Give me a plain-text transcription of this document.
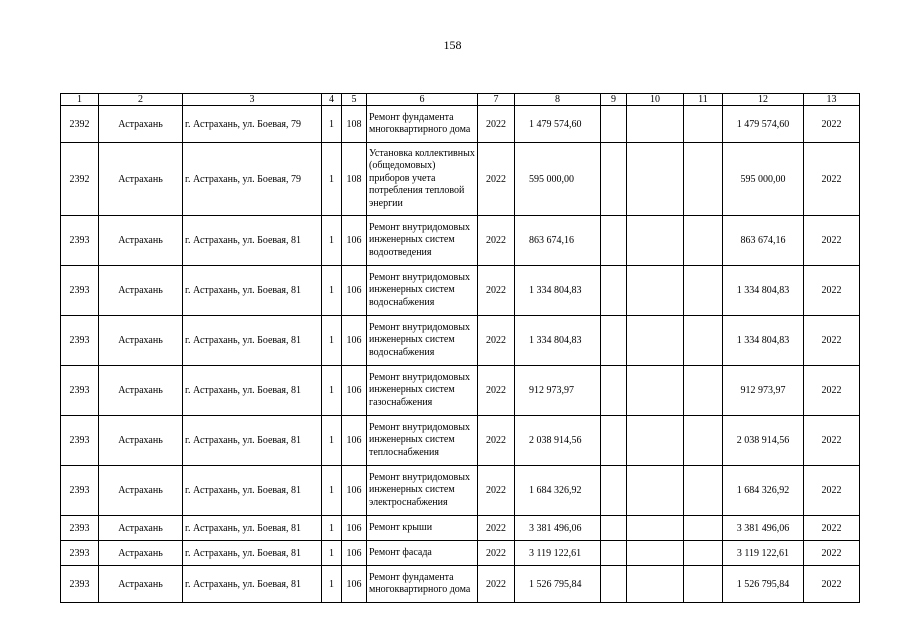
158
1	2	3	4	5	6	7	8	9	10	11	12	13
2392	Астрахань	г. Астрахань, ул. Боевая, 79	1	108	Ремонт фундамента многоквартирного дома	2022	1 479 574,60				1 479 574,60	2022
2392	Астрахань	г. Астрахань, ул. Боевая, 79	1	108	Установка коллективных (общедомовых) приборов учета потребления тепловой энергии	2022	595 000,00				595 000,00	2022
2393	Астрахань	г. Астрахань, ул. Боевая, 81	1	106	Ремонт внутридомовых инженерных систем водоотведения	2022	863 674,16				863 674,16	2022
2393	Астрахань	г. Астрахань, ул. Боевая, 81	1	106	Ремонт внутридомовых инженерных систем водоснабжения	2022	1 334 804,83				1 334 804,83	2022
2393	Астрахань	г. Астрахань, ул. Боевая, 81	1	106	Ремонт внутридомовых инженерных систем водоснабжения	2022	1 334 804,83				1 334 804,83	2022
2393	Астрахань	г. Астрахань, ул. Боевая, 81	1	106	Ремонт внутридомовых инженерных систем газоснабжения	2022	912 973,97				912 973,97	2022
2393	Астрахань	г. Астрахань, ул. Боевая, 81	1	106	Ремонт внутридомовых инженерных систем теплоснабжения	2022	2 038 914,56				2 038 914,56	2022
2393	Астрахань	г. Астрахань, ул. Боевая, 81	1	106	Ремонт внутридомовых инженерных систем электроснабжения	2022	1 684 326,92				1 684 326,92	2022
2393	Астрахань	г. Астрахань, ул. Боевая, 81	1	106	Ремонт крыши	2022	3 381 496,06				3 381 496,06	2022
2393	Астрахань	г. Астрахань, ул. Боевая, 81	1	106	Ремонт фасада	2022	3 119 122,61				3 119 122,61	2022
2393	Астрахань	г. Астрахань, ул. Боевая, 81	1	106	Ремонт фундамента многоквартирного дома	2022	1 526 795,84				1 526 795,84	2022
